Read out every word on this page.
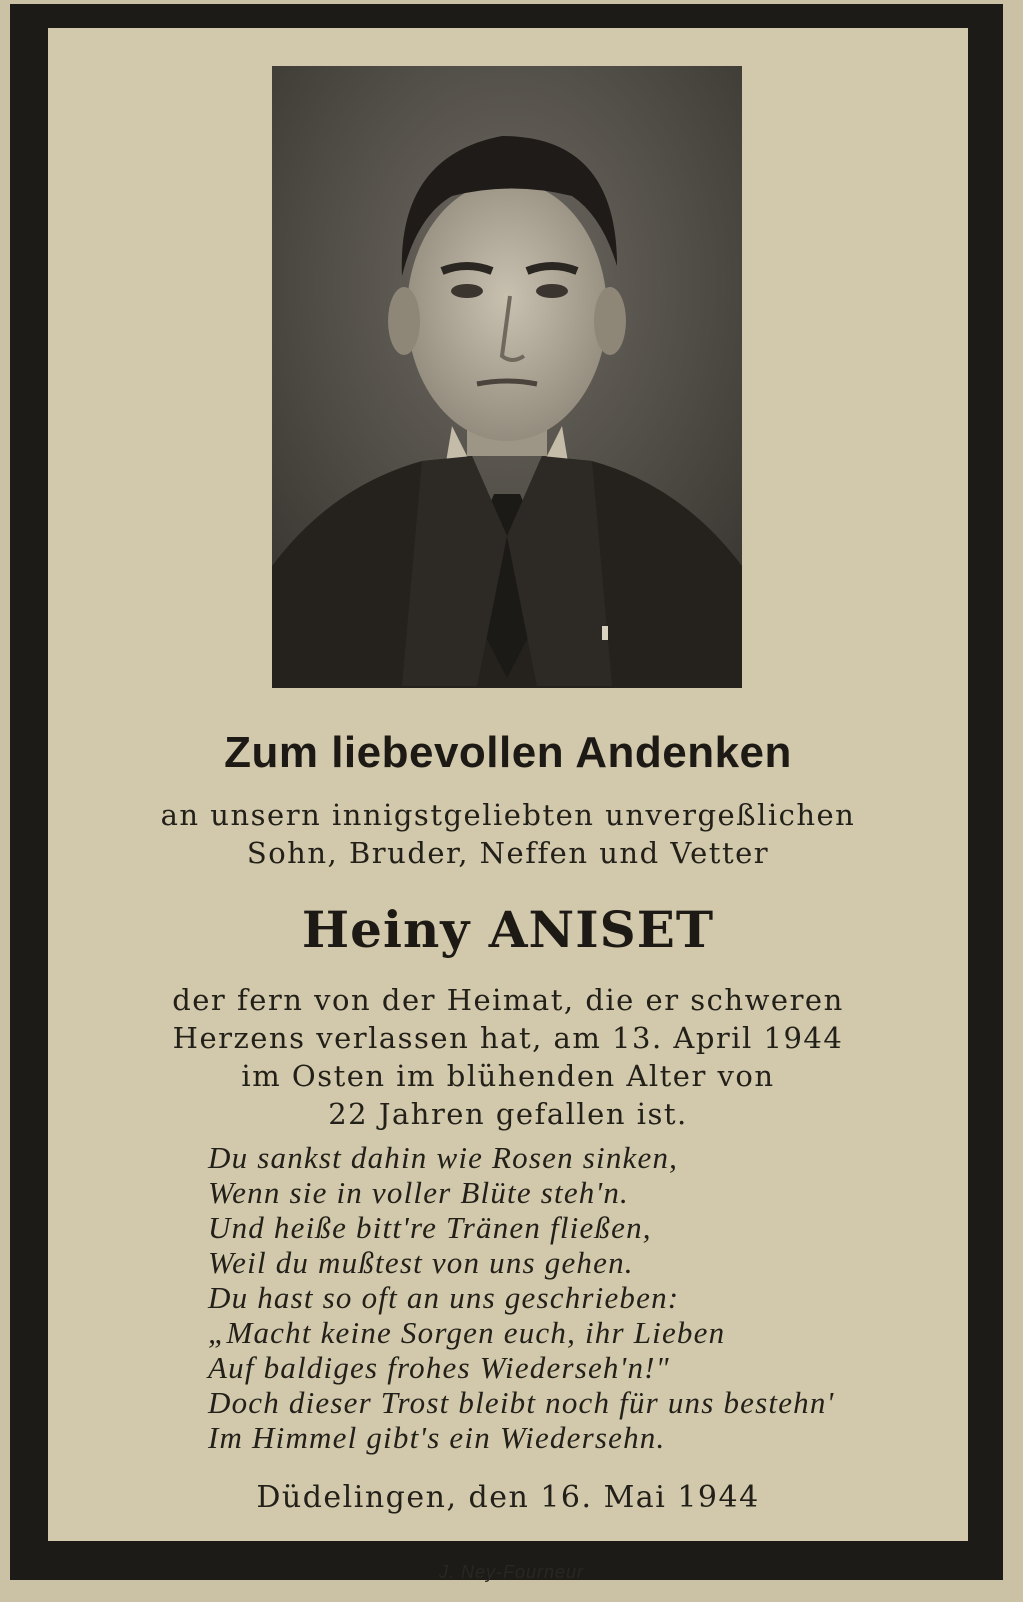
Zum liebevollen Andenken

an unsern innigstgeliebten unvergeßlichen

Sohn, Bruder, Neffen und Vetter

Heiny ANISET

der fern von der Heimat, die er schweren

Herzens verlassen hat, am 13. April 1944

im Osten im blühenden Alter von

22 Jahren gefallen ist.

Du sankst dahin wie Rosen sinken,
Wenn sie in voller Blüte steh'n.
Und heiße bitt're Tränen fließen,
Weil du mußtest von uns gehen.
Du hast so oft an uns geschrieben:
„Macht keine Sorgen euch, ihr Lieben
Auf baldiges frohes Wiederseh'n!"
Doch dieser Trost bleibt noch für uns bestehn'
Im Himmel gibt's ein Wiedersehn.

Düdelingen, den 16. Mai 1944

J. Ney-Fourneur
